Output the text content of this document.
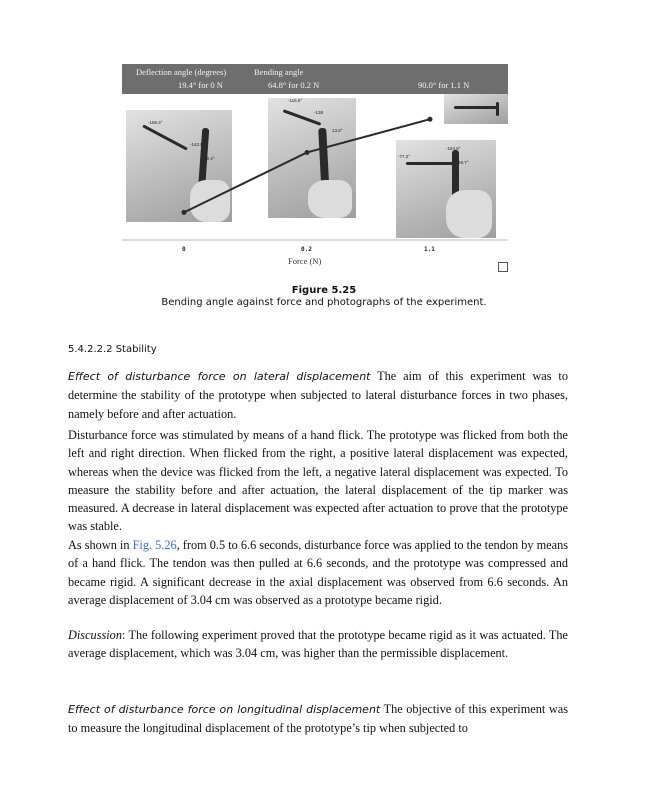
Deflection angle (degrees)	Bending angle
19.4° for 0 N	64.8° for 0.2 N	90.0° for 1.1 N
-155.4°
-142.8°
19.4°
-116.5°
-138
13.8°
-154.8°
-77.2°
29.7°
0	0.2	1.1
Force (N)
Figure 5.25
Bending angle against force and photographs of the experiment.
5.4.2.2.2 Stability
Effect of disturbance force on lateral displacement The aim of this experiment was to determine the stability of the prototype when subjected to lateral disturbance forces in two phases, namely before and after actuation.
Disturbance force was stimulated by means of a hand flick. The prototype was flicked from both the left and right direction. When flicked from the right, a positive lateral displacement was expected, whereas when the device was flicked from the left, a negative lateral displacement was expected. To measure the stability before and after actuation, the lateral displacement of the tip marker was measured. A decrease in lateral displacement was expected after actuation to prove that the prototype was stable.
As shown in Fig. 5.26, from 0.5 to 6.6 seconds, disturbance force was applied to the tendon by means of a hand flick. The tendon was then pulled at 6.6 seconds, and the prototype was compressed and became rigid. A significant decrease in the axial displacement was observed from 6.6 seconds. An average displacement of 3.04 cm was observed as a prototype became rigid.
Discussion: The following experiment proved that the prototype became rigid as it was actuated. The average displacement, which was 3.04 cm, was higher than the permissible displacement.
Effect of disturbance force on longitudinal displacement The objective of this experiment was to measure the longitudinal displacement of the prototype’s tip when subjected to
